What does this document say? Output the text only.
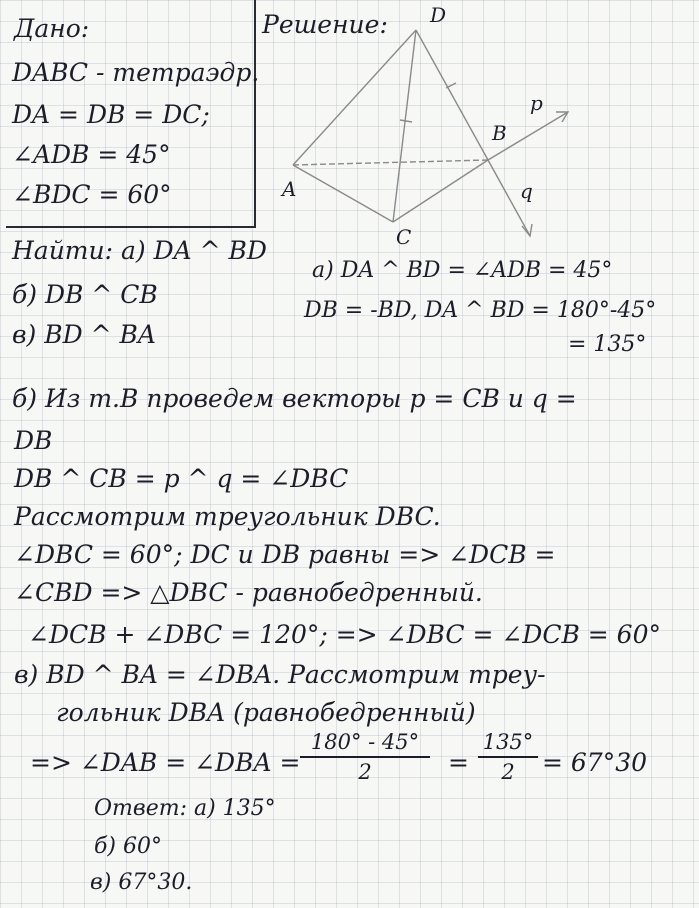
Дано:
DABC - тетраэдр.
DA = DB = DC;
∠ADB = 45°
∠BDC = 60°
Решение: D
A
B
C
p
q
Найти: а) DA ^ BD
б) DB ^ CB
в) BD ^ BA
а) DA ^ BD = ∠ADB = 45°
DB = -BD, DA ^ BD = 180°-45°
= 135°
б) Из т.В проведем векторы p = CB и q =
DB
DB ^ CB = p ^ q = ∠DBC
Рассмотрим треугольник DBC.
∠DBC = 60°; DC и DB равны => ∠DCB =
∠CBD => △DBC - равнобедренный.
∠DCB + ∠DBC = 120°; => ∠DBC = ∠DCB = 60°
в) BD ^ BA = ∠DBA. Рассмотрим треу-
гольник DBA (равнобедренный)
=> ∠DAB = ∠DBA =
180° - 45°
2	=
135°
2	= 67°30
Ответ: а) 135°
б) 60°
в) 67°30.
